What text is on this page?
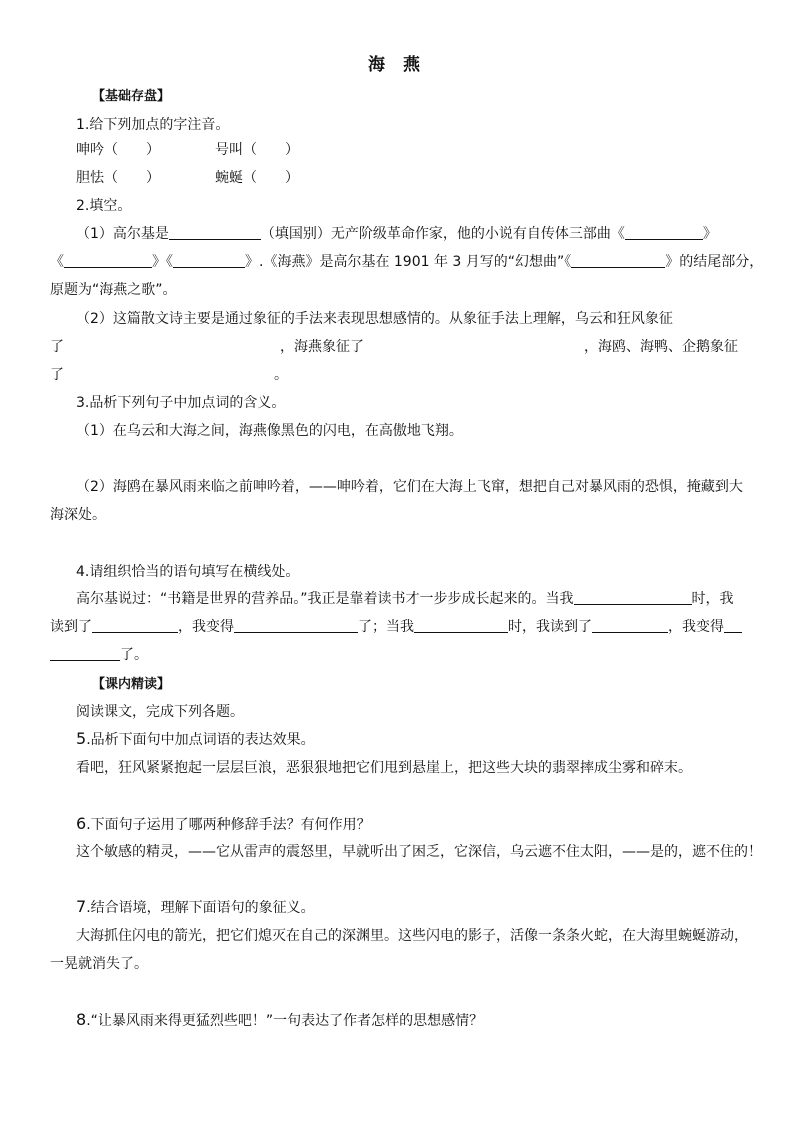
海 燕
【基础存盘】
1.给下列加点的字注音。
呻吟（　　）	号叫（　　）
胆怯（　　）	蜿蜒（　　）
2.填空。
（1）高尔基是	（填国别）无产阶级革命作家，他的小说有自传体三部曲《	》
《	》《	》.《海燕》是高尔基在 1901 年 3 月写的“幻想曲”《	》的结尾部分，
原题为“海燕之歌”。
（2）这篇散文诗主要是通过象征的手法来表现思想感情的。从象征手法上理解，乌云和狂风象征
了	，海燕象征了	，海鸥、海鸭、企鹅象征
了	。
3.品析下列句子中加点词的含义。
（1）在乌云和大海之间，海燕像黑色的闪电，在高傲地飞翔。
（2）海鸥在暴风雨来临之前呻吟着，——呻吟着，它们在大海上飞窜，想把自己对暴风雨的恐惧，掩藏到大
海深处。
4.请组织恰当的语句填写在横线处。
高尔基说过：“书籍是世界的营养品。”我正是靠着读书才一步步成长起来的。当我	时，我
读到了	，我变得	了；当我	时，我读到了	，我变得
了。
【课内精读】
阅读课文，完成下列各题。
5.品析下面句中加点词语的表达效果。
看吧，狂风紧紧抱起一层层巨浪，恶狠狠地把它们甩到悬崖上，把这些大块的翡翠摔成尘雾和碎末。
6.下面句子运用了哪两种修辞手法？有何作用？
这个敏感的精灵，——它从雷声的震怒里，早就听出了困乏，它深信，乌云遮不住太阳，——是的，遮不住的！
7.结合语境，理解下面语句的象征义。
大海抓住闪电的箭光，把它们熄灭在自己的深渊里。这些闪电的影子，活像一条条火蛇，在大海里蜿蜒游动，
一晃就消失了。
8.“让暴风雨来得更猛烈些吧！”一句表达了作者怎样的思想感情？
